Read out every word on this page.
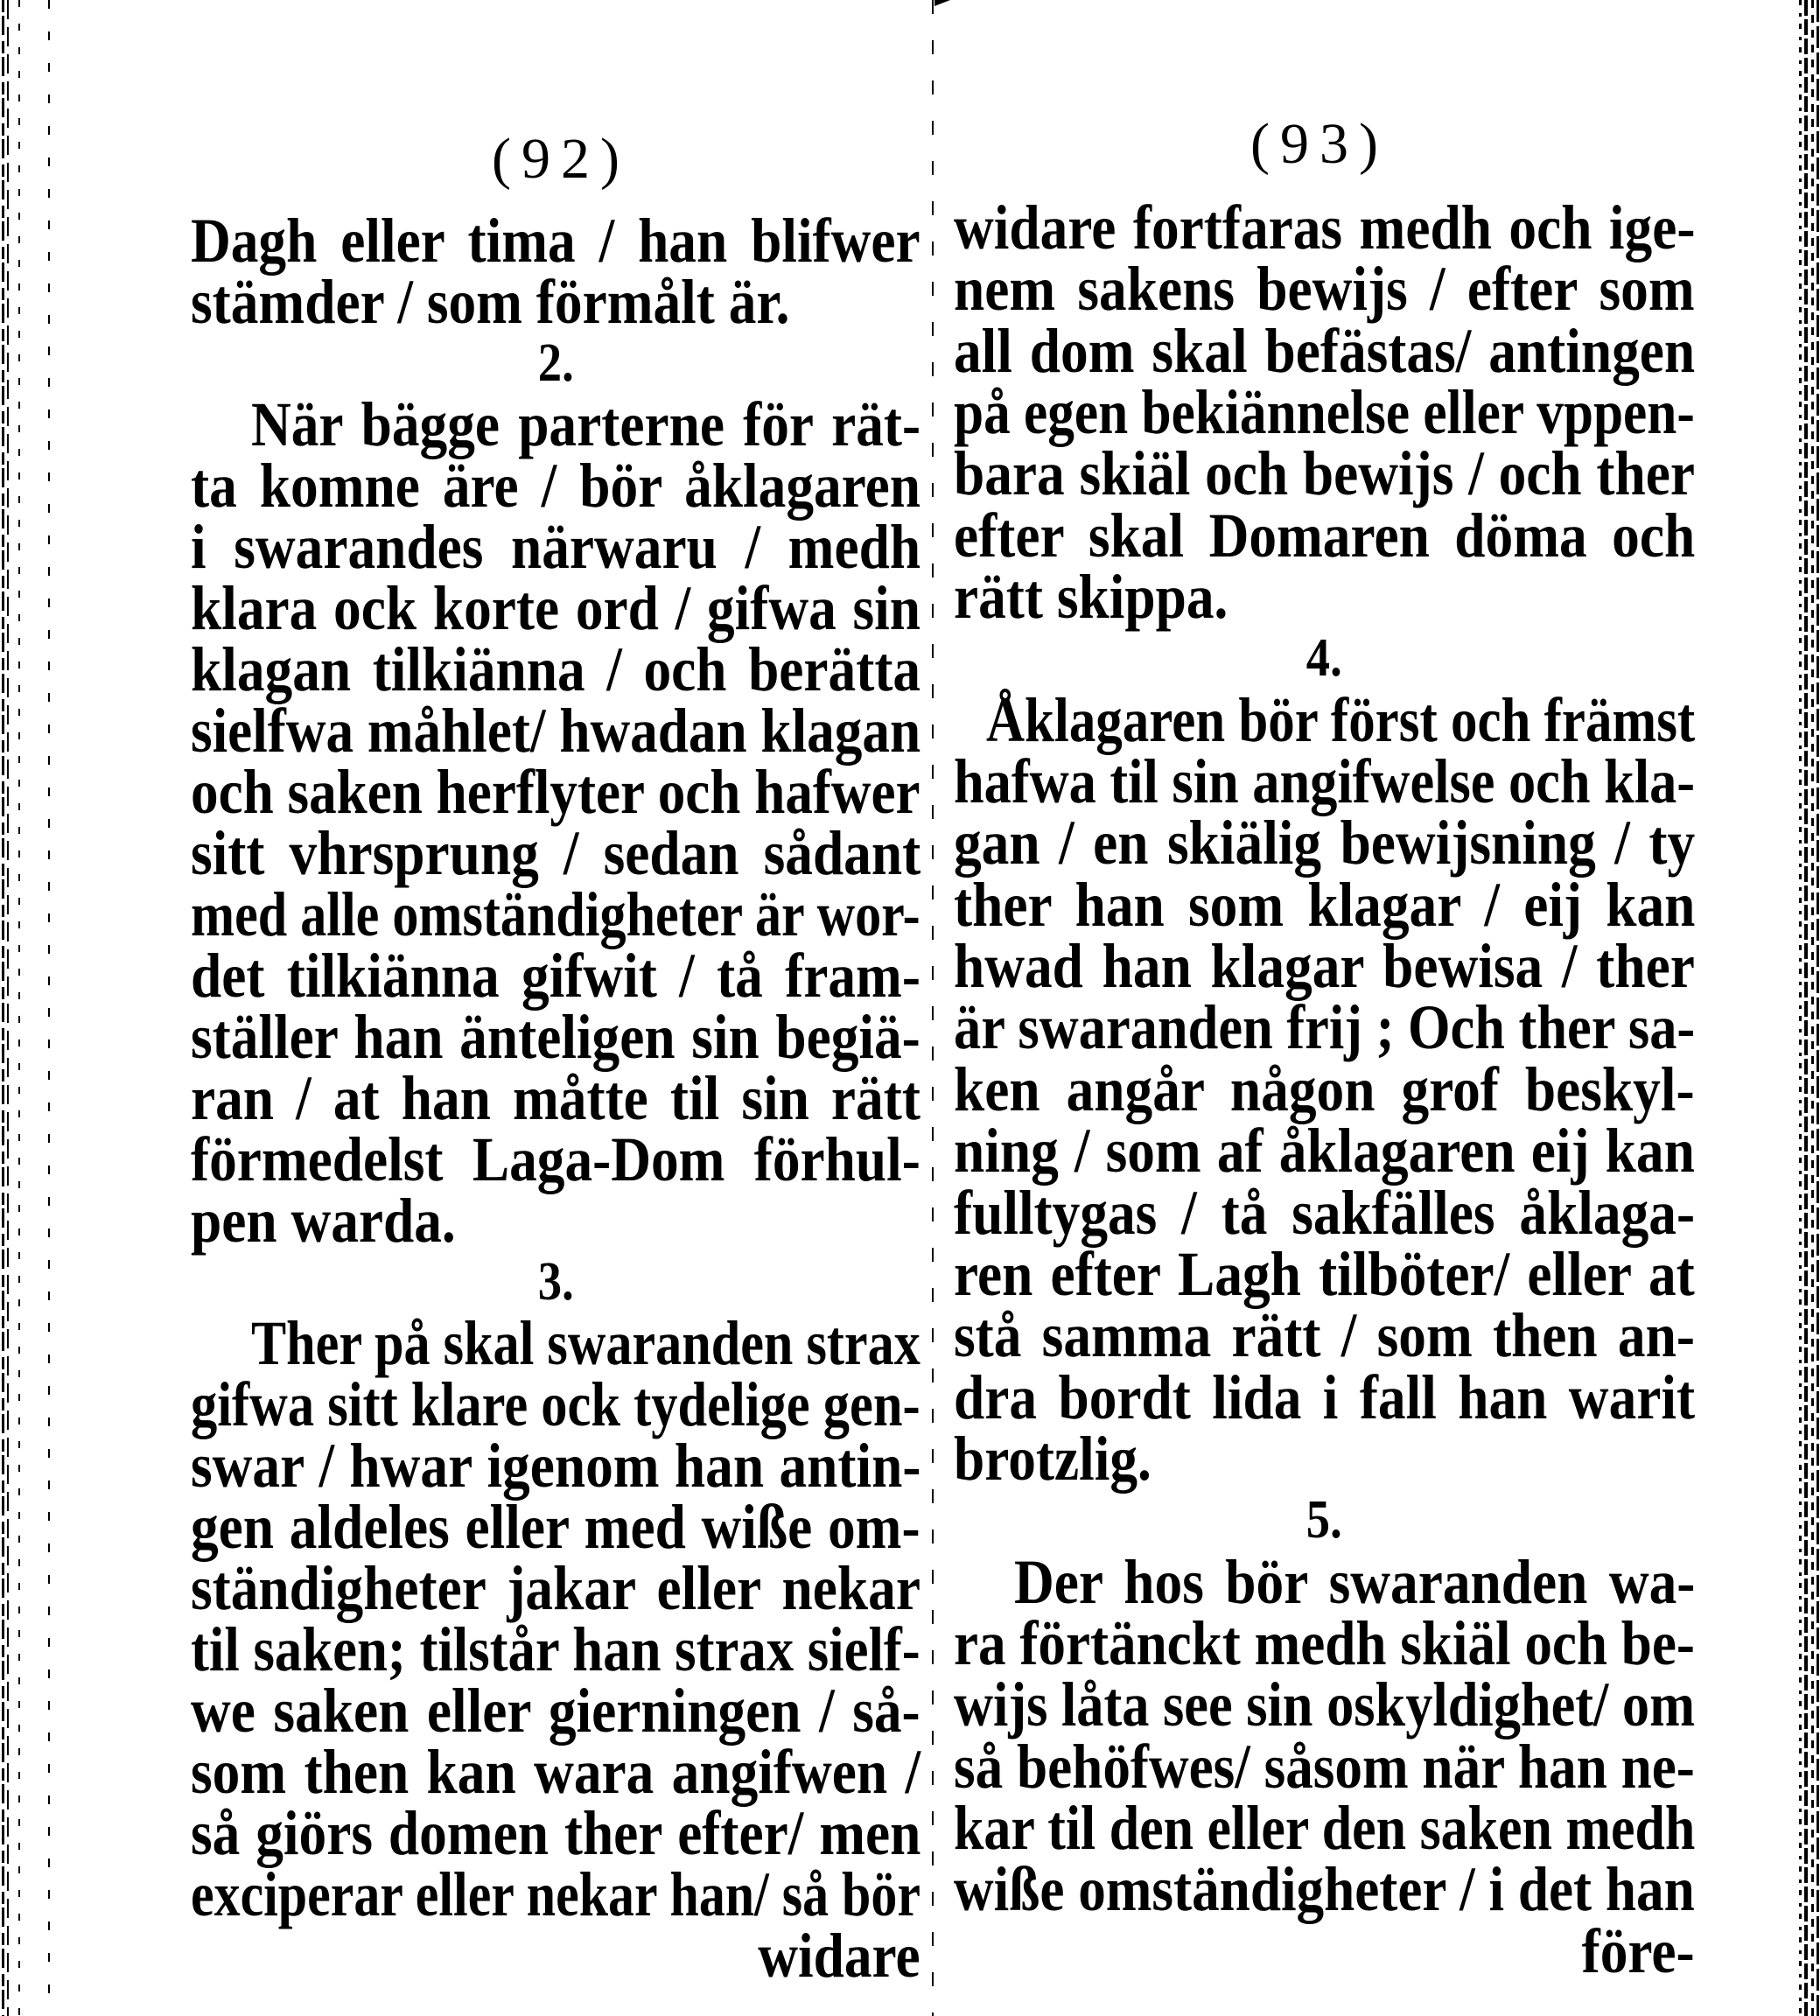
(92)
Dagh eller tima / han blifwer
stämder / som förmålt är.
2.
När bägge parterne för rät-
ta komne äre / bör åklagaren
i swarandes närwaru / medh
klara ock korte ord / gifwa sin
klagan tilkiänna / och berätta
sielfwa måhlet/ hwadan klagan
och saken herflyter och hafwer
sitt vhrsprung / sedan sådant
med alle omständigheter är wor-
det tilkiänna gifwit / tå fram-
ställer han änteligen sin begiä-
ran / at han måtte til sin rätt
förmedelst Laga-Dom förhul-
pen warda.
3.
Ther på skal swaranden strax
gifwa sitt klare ock tydelige gen-
swar / hwar igenom han antin-
gen aldeles eller med wiße om-
ständigheter jakar eller nekar
til saken; tilstår han strax sielf-
we saken eller gierningen / så-
som then kan wara angifwen /
så giörs domen ther efter/ men
exciperar eller nekar han/ så bör
widare
(93)
widare fortfaras medh och ige-
nem sakens bewijs / efter som
all dom skal befästas/ antingen
på egen bekiännelse eller vppen-
bara skiäl och bewijs / och ther
efter skal Domaren döma och
rätt skippa.
4.
Åklagaren bör först och främst
hafwa til sin angifwelse och kla-
gan / en skiälig bewijsning / ty
ther han som klagar / eij kan
hwad han klagar bewisa / ther
är swaranden frij ; Och ther sa-
ken angår någon grof beskyl-
ning / som af åklagaren eij kan
fulltygas / tå sakfälles åklaga-
ren efter Lagh tilböter/ eller at
stå samma rätt / som then an-
dra bordt lida i fall han warit
brotzlig.
5.
Der hos bör swaranden wa-
ra förtänckt medh skiäl och be-
wijs låta see sin oskyldighet/ om
så behöfwes/ såsom när han ne-
kar til den eller den saken medh
wiße omständigheter / i det han
före-
